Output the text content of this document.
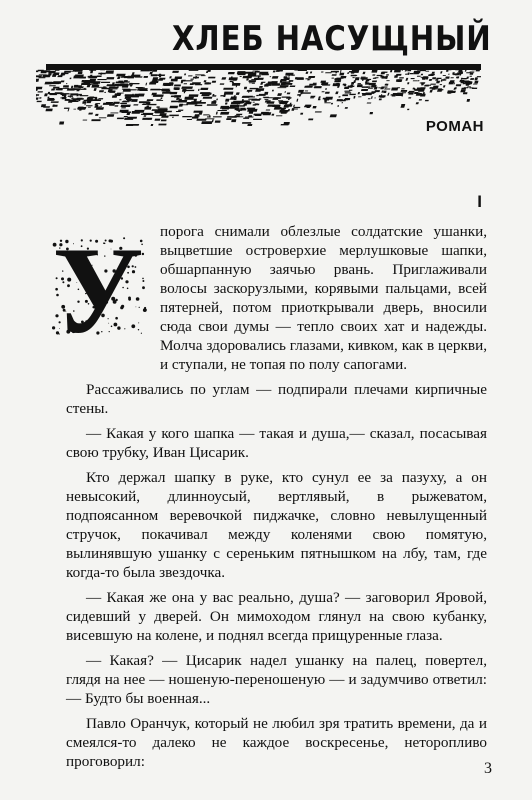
ХЛЕБ НАСУЩНЫЙ
РОМАН
I
У порога снимали облезлые солдатские ушанки, выцветшие островерхие мерлушковые шапки, обшарпанную заячью рвань. Приглаживали волосы заскорузлыми, корявыми пальцами, всей пятерней, потом приоткрывали дверь, вносили сюда свои думы — тепло своих хат и надежды. Молча здоровались глазами, кивком, как в церкви, и ступали, не топая по полу сапогами.

Рассаживались по углам — подпирали плечами кирпичные стены.

— Какая у кого шапка — такая и душа,— сказал, посасывая свою трубку, Иван Цисарик.

Кто держал шапку в руке, кто сунул ее за пазуху, а он невысокий, длинноусый, вертлявый, в рыжеватом, подпоясанном веревочкой пиджачке, словно невылущенный стручок, покачивал между коленями свою помятую, вылинявшую ушанку с сереньким пятнышком на лбу, там, где когда-то была звездочка.

— Какая же она у вас реально, душа? — заговорил Яровой, сидевший у дверей. Он мимоходом глянул на свою кубанку, висевшую на колене, и поднял всегда прищуренные глаза.

— Какая? — Цисарик надел ушанку на палец, повертел, глядя на нее — ношеную-переношеную — и задумчиво ответил: — Будто бы военная...

Павло Оранчук, который не любил зря тратить времени, да и смеялся-то далеко не каждое воскресенье, неторопливо проговорил:	3
